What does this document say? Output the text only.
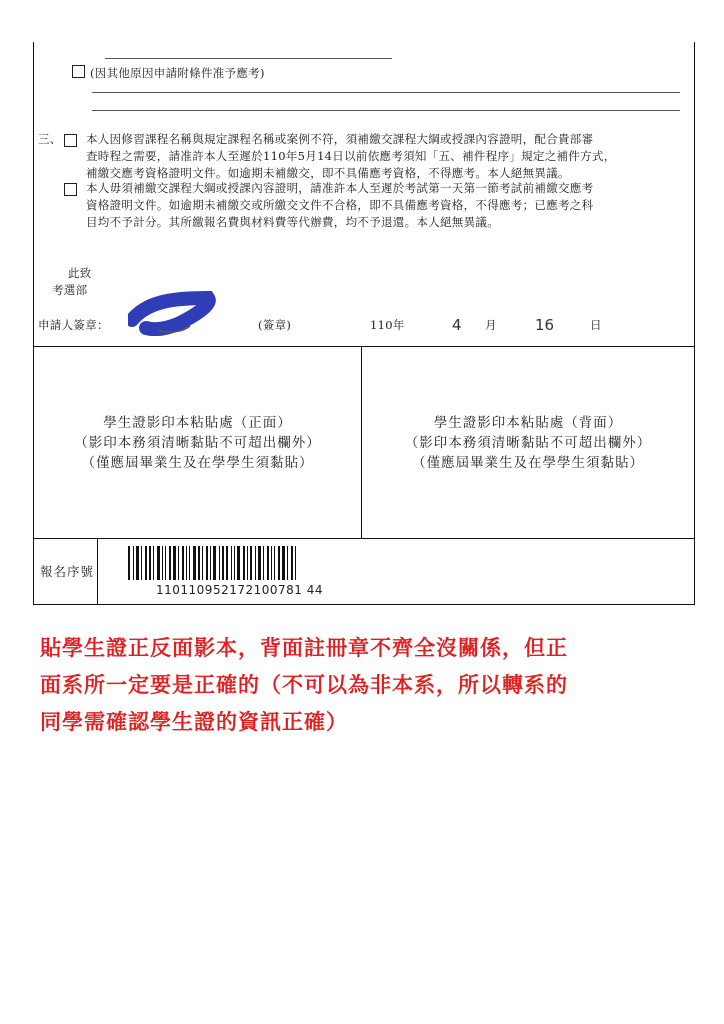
(因其他原因申請附條件准予應考)
三、 本人因修習課程名稱與規定課程名稱或案例不符，須補繳交課程大綱或授課內容證明，配合貴部審
查時程之需要，請准許本人至遲於110年5月14日以前依應考須知「五、補件程序」規定之補件方式，
補繳交應考資格證明文件。如逾期未補繳交，即不具備應考資格，不得應考。本人絕無異議。
本人毋須補繳交課程大綱或授課內容證明，請准許本人至遲於考試第一天第一節考試前補繳交應考
資格證明文件。如逾期未補繳交或所繳交文件不合格，即不具備應考資格，不得應考；已應考之科
目均不予計分。其所繳報名費與材料費等代辦費，均不予退還。本人絕無異議。
此致
考選部
申請人簽章：	(簽章)	110年	4 月	16	日
學生證影印本粘貼處（正面）
（影印本務須清晰黏貼不可超出欄外）
（僅應屆畢業生及在學學生須黏貼）
學生證影印本粘貼處（背面）
（影印本務須清晰黏貼不可超出欄外）
（僅應屆畢業生及在學學生須黏貼）
報名序號
110110952172100781 44
貼學生證正反面影本，背面註冊章不齊全沒關係，但正
面系所一定要是正確的（不可以為非本系，所以轉系的
同學需確認學生證的資訊正確）
